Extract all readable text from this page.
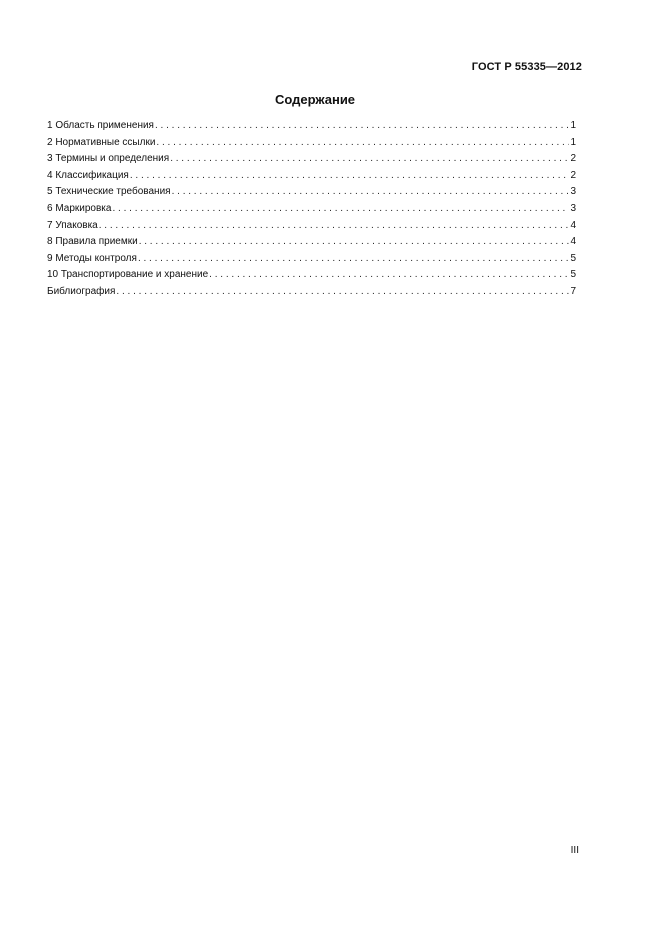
ГОСТ Р 55335—2012
Содержание
1 Область применения . . .	1
2 Нормативные ссылки . . .	1
3 Термины и определения . . .	2
4 Классификация . . .	2
5 Технические требования . . .	3
6 Маркировка . . .	3
7 Упаковка . . .	4
8 Правила приемки . . .	4
9 Методы контроля . . .	5
10 Транспортирование и хранение . . .	5
Библиография . . .	7
III
